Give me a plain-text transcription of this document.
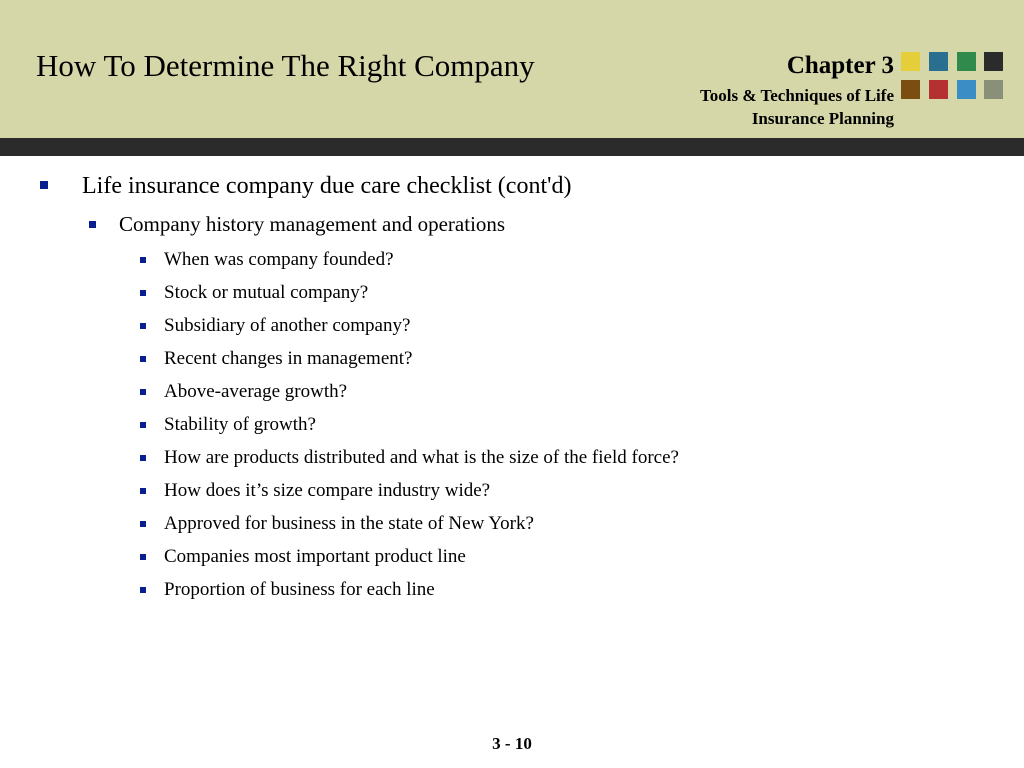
How To Determine The Right Company	Chapter 3
Tools & Techniques of Life
Insurance Planning
Life insurance company due care checklist (cont'd)
Company history management and operations
When was company founded?
Stock or mutual company?
Subsidiary of another company?
Recent changes in management?
Above-average growth?
Stability of growth?
How are products distributed and what is the size of the field force?
How does it’s size compare industry wide?
Approved for business in the state of New York?
Companies most important product line
Proportion of business for each line
3 - 10
